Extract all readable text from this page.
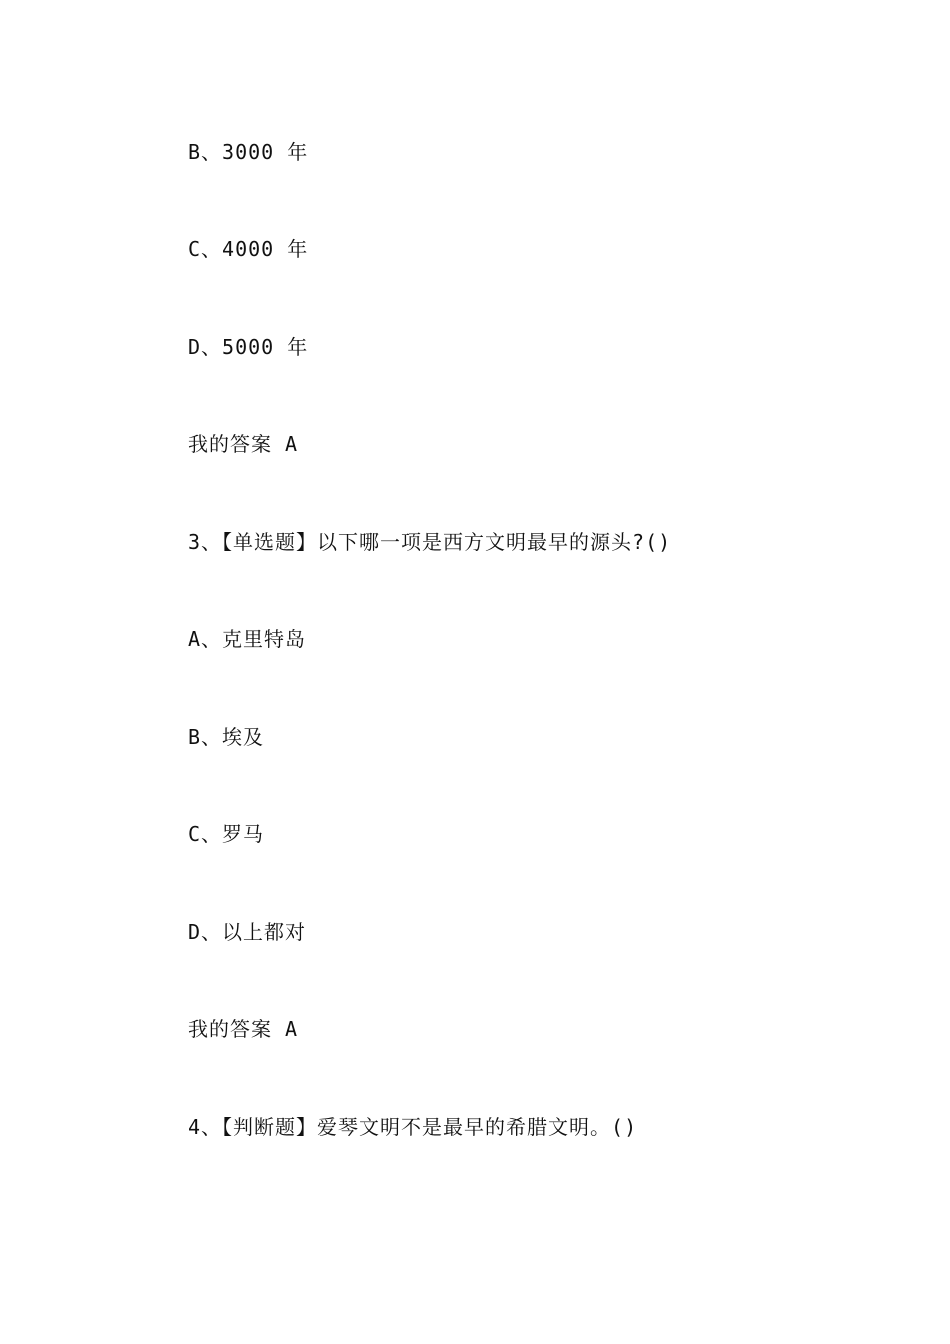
B、3000 年
C、4000 年
D、5000 年
我的答案 A
3、【单选题】以下哪一项是西方文明最早的源头?()
A、克里特岛
B、埃及
C、罗马
D、以上都对
我的答案 A
4、【判断题】爱琴文明不是最早的希腊文明。()
